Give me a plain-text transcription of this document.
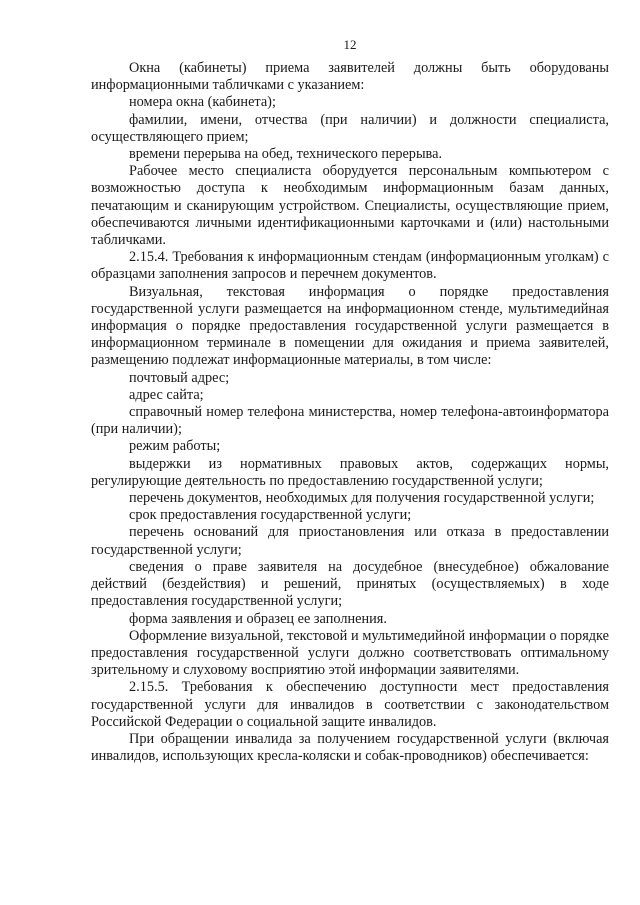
12

Окна (кабинеты) приема заявителей должны быть оборудованы информационными табличками с указанием:

номера окна (кабинета);

фамилии, имени, отчества (при наличии) и должности специалиста, осуществляющего прием;

времени перерыва на обед, технического перерыва.

Рабочее место специалиста оборудуется персональным компьютером с возможностью доступа к необходимым информационным базам данных, печатающим и сканирующим устройством. Специалисты, осуществляющие прием, обеспечиваются личными идентификационными карточками и (или) настольными табличками.

2.15.4. Требования к информационным стендам (информационным уголкам) с образцами заполнения запросов и перечнем документов.

Визуальная, текстовая информация о порядке предоставления государственной услуги размещается на информационном стенде, мультимедийная информация о порядке предоставления государственной услуги размещается в информационном терминале в помещении для ожидания и приема заявителей, размещению подлежат информационные материалы, в том числе:

почтовый адрес;

адрес сайта;

справочный номер телефона министерства, номер телефона-автоинформатора (при наличии);

режим работы;

выдержки из нормативных правовых актов, содержащих нормы, регулирующие деятельность по предоставлению государственной услуги;

перечень документов, необходимых для получения государственной услуги;

срок предоставления государственной услуги;

перечень оснований для приостановления или отказа в предоставлении государственной услуги;

сведения о праве заявителя на досудебное (внесудебное) обжалование действий (бездействия) и решений, принятых (осуществляемых) в ходе предоставления государственной услуги;

форма заявления и образец ее заполнения.

Оформление визуальной, текстовой и мультимедийной информации о порядке предоставления государственной услуги должно соответствовать оптимальному зрительному и слуховому восприятию этой информации заявителями.

2.15.5. Требования к обеспечению доступности мест предоставления государственной услуги для инвалидов в соответствии с законодательством Российской Федерации о социальной защите инвалидов.

При обращении инвалида за получением государственной услуги (включая инвалидов, использующих кресла-коляски и собак-проводников) обеспечивается:
